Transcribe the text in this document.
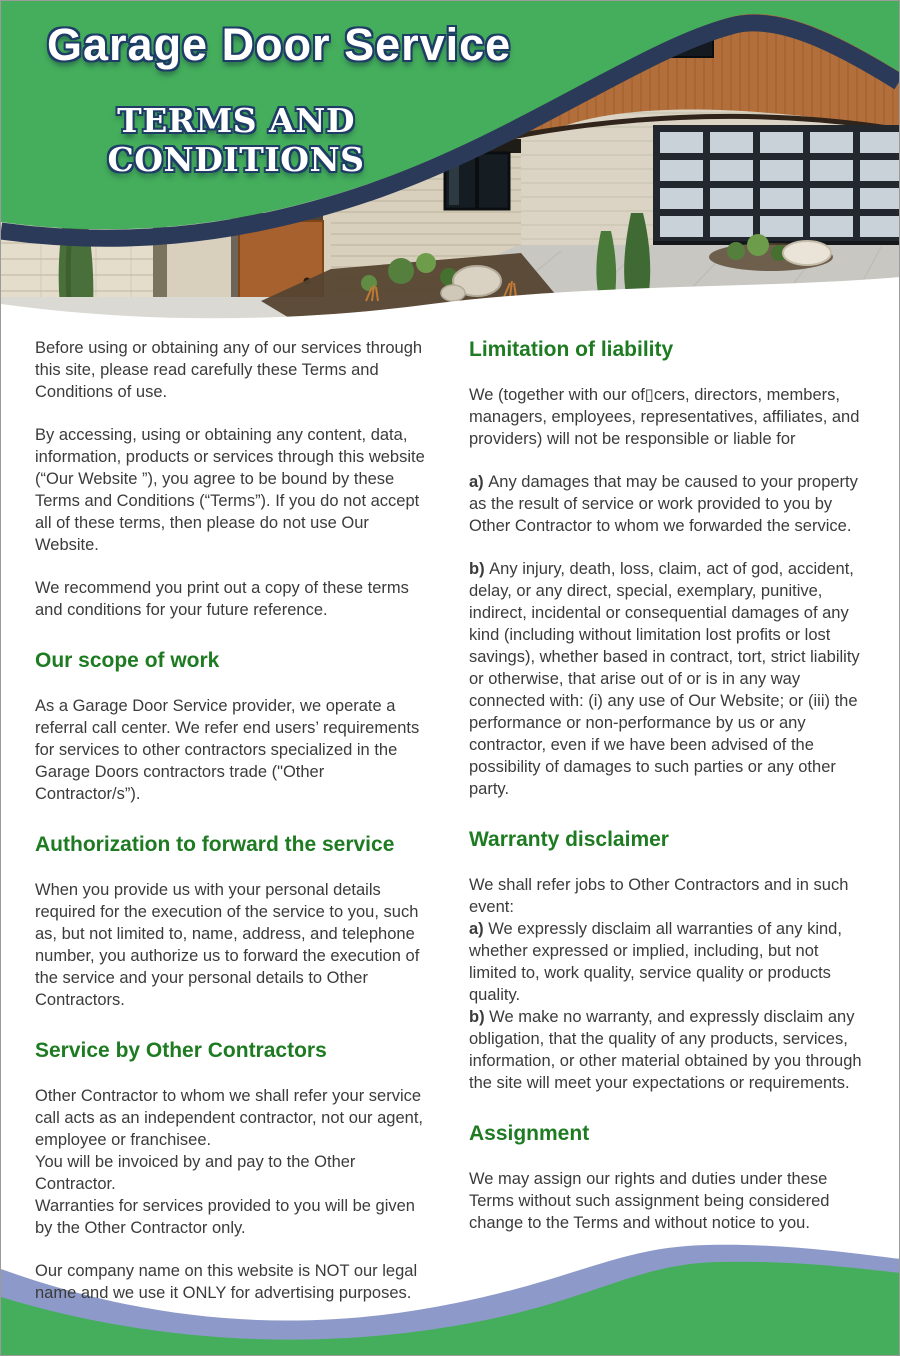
Garage Door Service
TERMS AND
CONDITIONS

Before using or obtaining any of our services through this site, please read carefully these Terms and Conditions of use.

By accessing, using or obtaining any content, data, information, products or services through this website (“Our Website ”), you agree to be bound by these Terms and Conditions (“Terms”). If you do not accept all of these terms, then please do not use Our Website.

We recommend you print out a copy of these terms and conditions for your future reference.

Our scope of work

As a Garage Door Service provider, we operate a referral call center. We refer end users’ requirements for services to other contractors specialized in the Garage Doors contractors trade ("Other Contractor/s”).

Authorization to forward the service

When you provide us with your personal details required for the execution of the service to you, such as, but not limited to, name, address, and telephone number, you authorize us to forward the execution of the service and your personal details to Other Contractors.

Service by Other Contractors

Other Contractor to whom we shall refer your service call acts as an independent contractor, not our agent, employee or franchisee.

You will be invoiced by and pay to the Other Contractor.

Warranties for services provided to you will be given by the Other Contractor only.

Our company name on this website is NOT our legal name and we use it ONLY for advertising purposes.

Limitation of liability

We (together with our of▯cers, directors, members, managers, employees, representatives, affiliates, and providers) will not be responsible or liable for

a) Any damages that may be caused to your property as the result of service or work provided to you by Other Contractor to whom we forwarded the service.

b) Any injury, death, loss, claim, act of god, accident, delay, or any direct, special, exemplary, punitive, indirect, incidental or consequential damages of any kind (including without limitation lost profits or lost savings), whether based in contract, tort, strict liability or otherwise, that arise out of or is in any way connected with: (i) any use of Our Website; or (iii) the performance or non-performance by us or any contractor, even if we have been advised of the possibility of damages to such parties or any other party.

Warranty disclaimer

We shall refer jobs to Other Contractors and in such event:

a) We expressly disclaim all warranties of any kind, whether expressed or implied, including, but not limited to, work quality, service quality or products quality.

b) We make no warranty, and expressly disclaim any obligation, that the quality of any products, services, information, or other material obtained by you through the site will meet your expectations or requirements.

Assignment

We may assign our rights and duties under these Terms without such assignment being considered change to the Terms and without notice to you.
